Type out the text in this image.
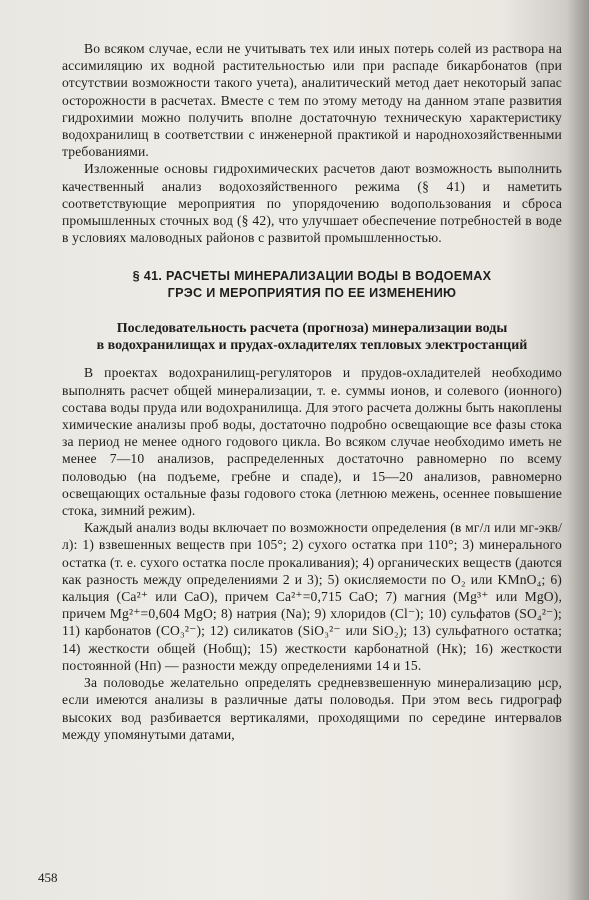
Во всяком случае, если не учитывать тех или иных потерь солей из раствора на ассимиляцию их водной растительностью или при распаде бикарбонатов (при отсутствии возможности такого учета), аналитический метод дает некоторый запас осторожности в расчетах. Вместе с тем по этому методу на данном этапе развития гидрохимии можно получить вполне достаточную техническую характеристику водохранилищ в соответствии с инженерной практикой и народнохозяйственными требованиями.

Изложенные основы гидрохимических расчетов дают возможность выполнить качественный анализ водохозяйственного режима (§ 41) и наметить соответствующие мероприятия по упорядочению водопользования и сброса промышленных сточных вод (§ 42), что улучшает обеспечение потребностей в воде в условиях маловодных районов с развитой промышленностью.

§ 41. РАСЧЕТЫ МИНЕРАЛИЗАЦИИ ВОДЫ В ВОДОЕМАХ
ГРЭС И МЕРОПРИЯТИЯ ПО ЕЕ ИЗМЕНЕНИЮ
Последовательность расчета (прогноза) минерализации воды
в водохранилищах и прудах-охладителях тепловых электростанций

В проектах водохранилищ-регуляторов и прудов-охладителей необходимо выполнять расчет общей минерализации, т. е. суммы ионов, и солевого (ионного) состава воды пруда или водохранилища. Для этого расчета должны быть накоплены химические анализы проб воды, достаточно подробно освещающие все фазы стока за период не менее одного годового цикла. Во всяком случае необходимо иметь не менее 7—10 анализов, распределенных достаточно равномерно по всему половодью (на подъеме, гребне и спаде), и 15—20 анализов, равномерно освещающих остальные фазы годового стока (летнюю межень, осеннее повышение стока, зимний режим).

Каждый анализ воды включает по возможности определения (в мг/л или мг-экв/л): 1) взвешенных веществ при 105°; 2) сухого остатка при 110°; 3) минерального остатка (т. е. сухого остатка после прокаливания); 4) органических веществ (даются как разность между определениями 2 и 3); 5) окисляемости по O₂ или KMnO₄; 6) кальция (Ca²⁺ или CaO), причем Ca²⁺=0,715 CaO; 7) магния (Mg³⁺ или MgO), причем Mg²⁺=0,604 MgO; 8) натрия (Na); 9) хлоридов (Cl⁻); 10) сульфатов (SO₄²⁻); 11) карбонатов (CO₃²⁻); 12) силикатов (SiO₃²⁻ или SiO₂); 13) сульфатного остатка; 14) жесткости общей (Hобщ); 15) жесткости карбонатной (Hк); 16) жесткости постоянной (Hп) — разности между определениями 14 и 15.

За половодье желательно определять средневзвешенную минерализацию μср, если имеются анализы в различные даты половодья. При этом весь гидрограф высоких вод разбивается вертикалями, проходящими по середине интервалов между упомянутыми датами,

458
